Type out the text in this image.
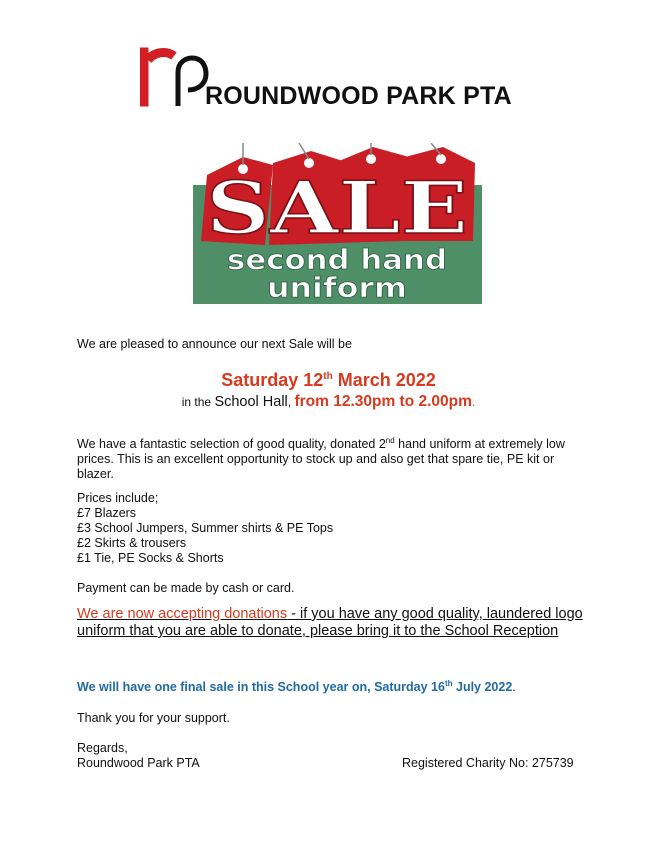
ROUNDWOOD PARK PTA
SALE
second hand
uniform
We are pleased to announce our next Sale will be
Saturday 12th March 2022
in the School Hall, from 12.30pm to 2.00pm.
We have a fantastic selection of good quality, donated 2nd hand uniform at extremely low prices. This is an excellent opportunity to stock up and also get that spare tie, PE kit or blazer.
Prices include;
£7 Blazers
£3 School Jumpers, Summer shirts & PE Tops
£2 Skirts & trousers
£1 Tie, PE Socks & Shorts
Payment can be made by cash or card.
We are now accepting donations - if you have any good quality, laundered logo uniform that you are able to donate, please bring it to the School Reception
We will have one final sale in this School year on, Saturday 16th July 2022.
Thank you for your support.
Regards,
Roundwood Park PTA	Registered Charity No: 275739
